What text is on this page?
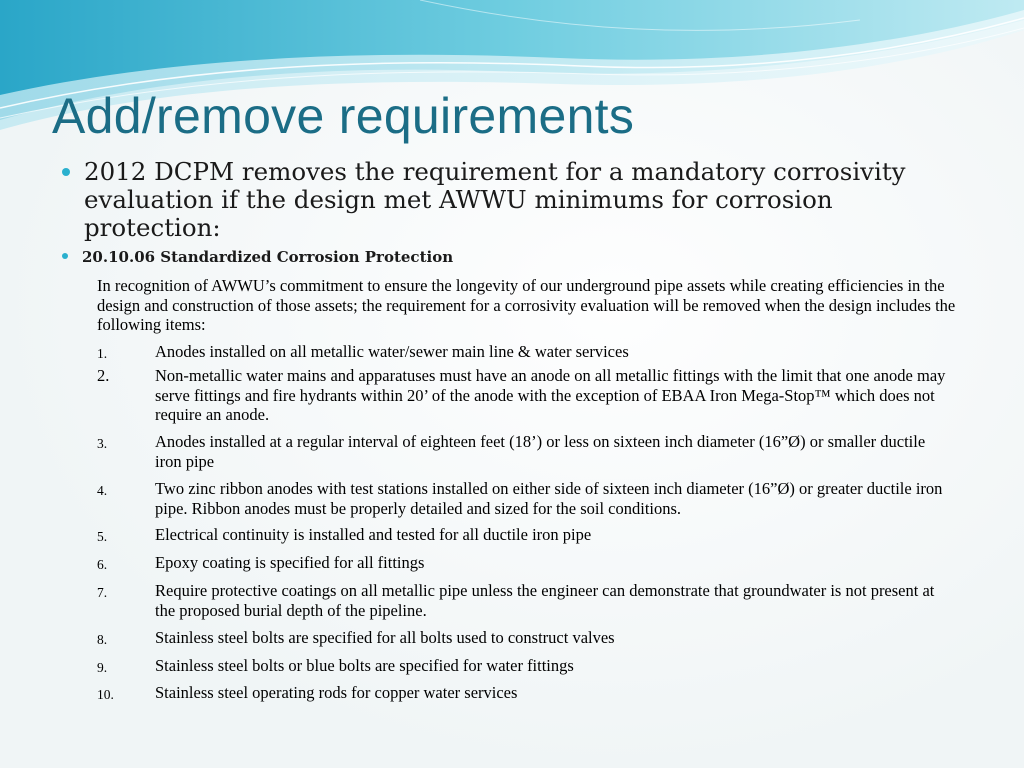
Add/remove requirements
2012 DCPM removes the requirement for a mandatory corrosivity evaluation if the design met AWWU minimums for corrosion protection:
20.10.06 Standardized Corrosion Protection
In recognition of AWWU’s commitment to ensure the longevity of our underground pipe assets while creating efficiencies in the design and construction of those assets; the requirement for a corrosivity evaluation will be removed when the design includes the following items:
1.	Anodes installed on all metallic water/sewer main line & water services
2.	Non-metallic water mains and apparatuses must have an anode on all metallic fittings with the limit that one anode may serve fittings and fire hydrants within 20’ of the anode with the exception of EBAA Iron Mega-Stop™ which does not require an anode.
3.	Anodes installed at a regular interval of eighteen feet (18’) or less on sixteen inch diameter (16”Ø) or smaller ductile iron pipe
4.	Two zinc ribbon anodes with test stations installed on either side of sixteen inch diameter (16”Ø) or greater ductile iron pipe. Ribbon anodes must be properly detailed and sized for the soil conditions.
5.	Electrical continuity is installed and tested for all ductile iron pipe
6.	Epoxy coating is specified for all fittings
7.	Require protective coatings on all metallic pipe unless the engineer can demonstrate that groundwater is not present at the proposed burial depth of the pipeline.
8.	Stainless steel bolts are specified for all bolts used to construct valves
9.	Stainless steel bolts or blue bolts are specified for water fittings
10.	Stainless steel operating rods for copper water services
